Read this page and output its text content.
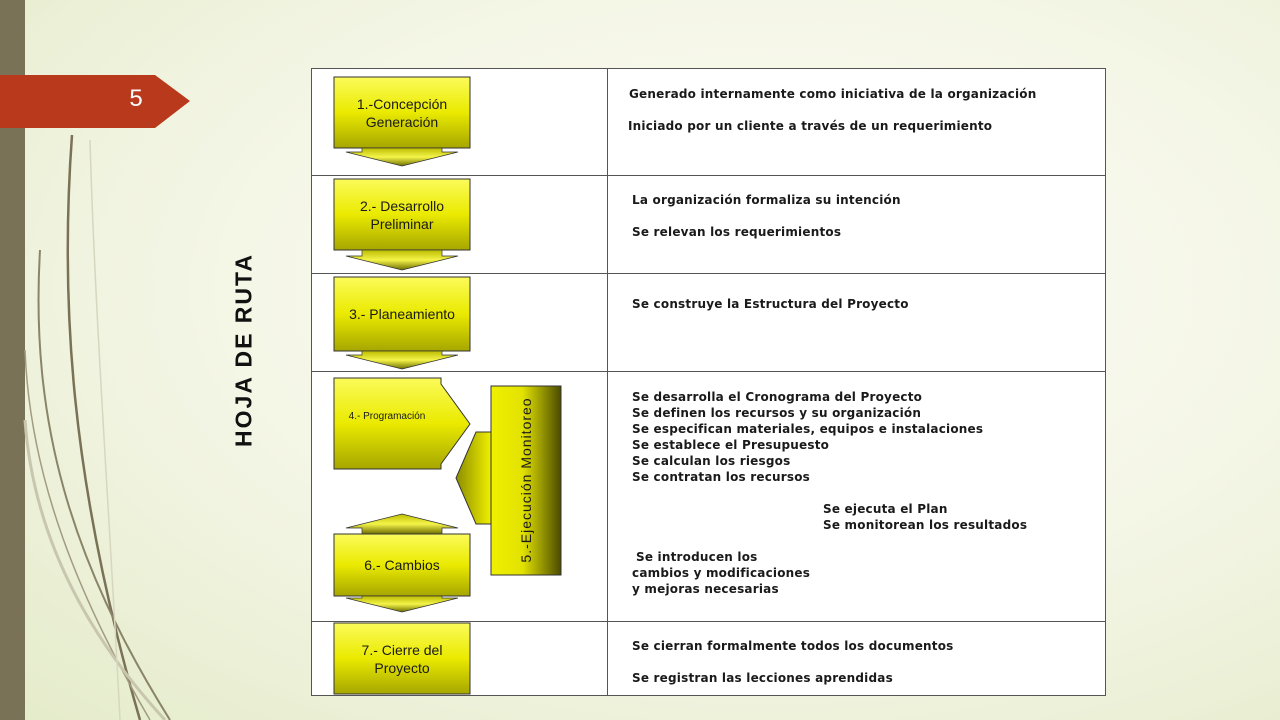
5
HOJA DE RUTA
1.-Concepción Generación
2.- Desarrollo Preliminar
3.- Planeamiento
4.- Programación	5.-Ejecución Monitoreo
6.- Cambios
7.- Cierre del Proyecto
Generado internamente como iniciativa de la organización
Iniciado por un cliente a través de un requerimiento
La organización formaliza su intención
Se relevan los requerimientos
Se construye la Estructura del Proyecto
Se desarrolla el Cronograma del Proyecto
Se definen los recursos y su organización
Se especifican materiales, equipos e instalaciones
Se establece el Presupuesto
Se calculan los riesgos
Se contratan los recursos
Se ejecuta el Plan
Se monitorean los resultados
Se introducen los
cambios y modificaciones
y mejoras necesarias
Se cierran formalmente todos los documentos
Se registran las lecciones aprendidas
